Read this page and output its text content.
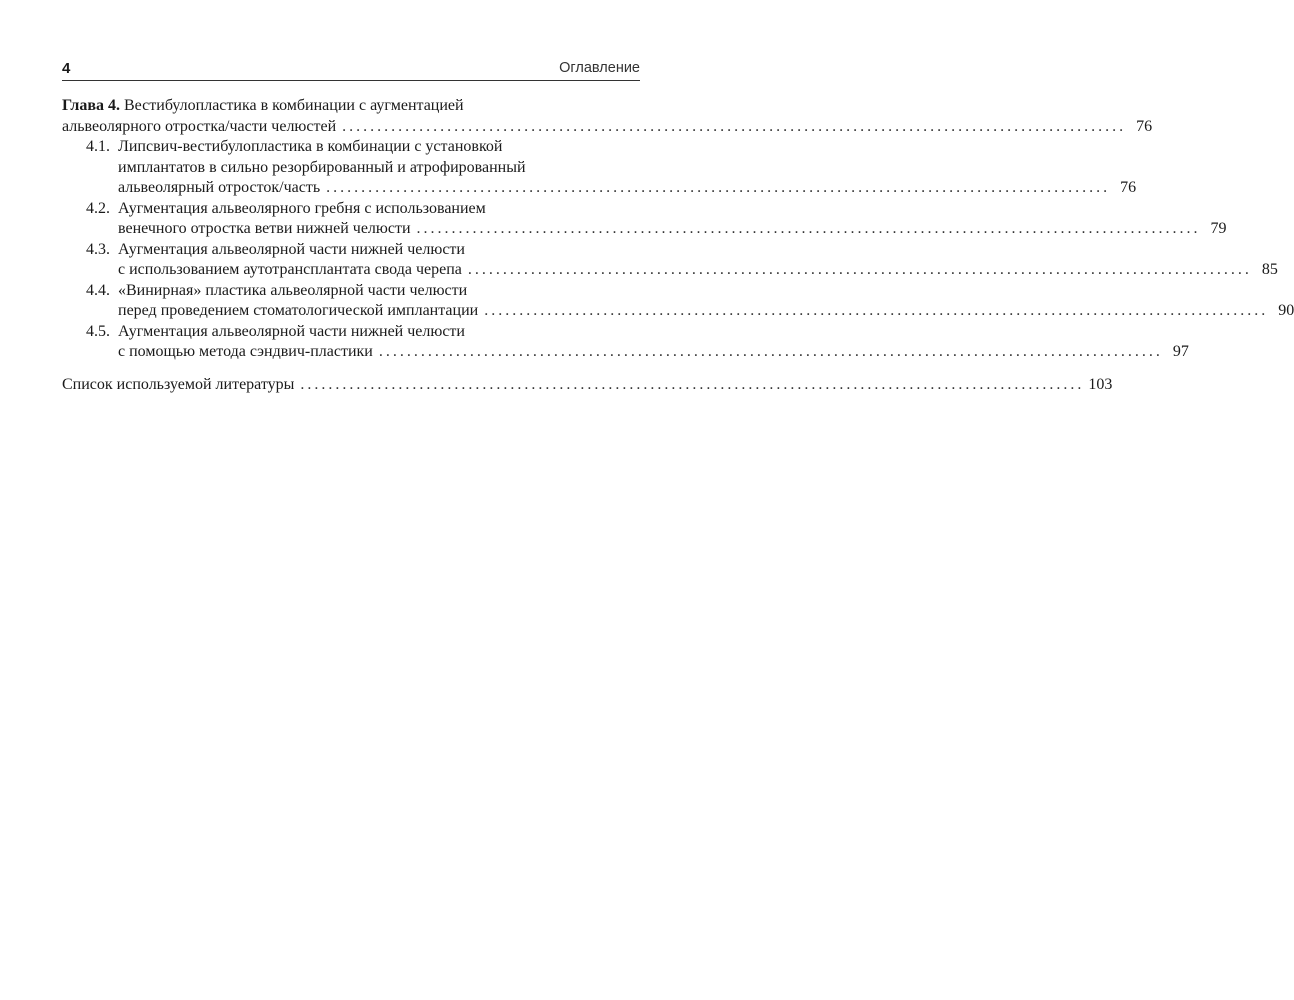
4	Оглавление
Глава 4. Вестибулопластика в комбинации с аугментацией
альвеолярного отростка/части челюстей ................................................................................................................ 76
4.1. Липсвич-вестибулопластика в комбинации с установкой
имплантатов в сильно резорбированный и атрофированный
альвеолярный отросток/часть ................................................................................................................ 76
4.2. Аугментация альвеолярного гребня с использованием
венечного отростка ветви нижней челюсти ................................................................................................................ 79
4.3. Аугментация альвеолярной части нижней челюсти
с использованием аутотрансплантата свода черепа ................................................................................................................ 85
4.4. «Винирная» пластика альвеолярной части челюсти
перед проведением стоматологической имплантации ................................................................................................................ 90
4.5. Аугментация альвеолярной части нижней челюсти
с помощью метода сэндвич-пластики ................................................................................................................ 97
Список используемой литературы ................................................................................................................ 103
